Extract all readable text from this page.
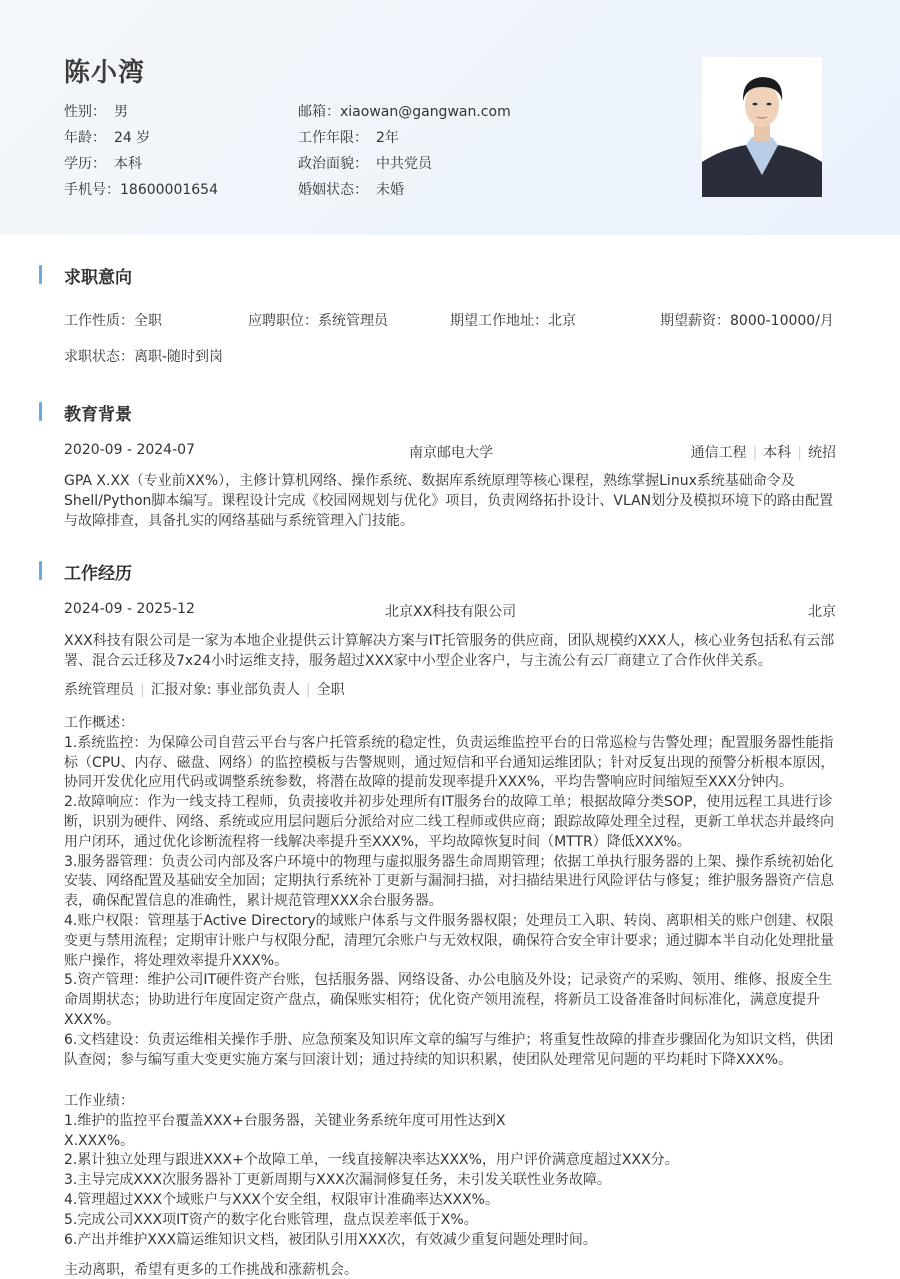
陈小湾
性别： 男
年龄： 24 岁
学历： 本科
手机号：18600001654
邮箱：xiaowan@gangwan.com
工作年限： 2年
政治面貌： 中共党员
婚姻状态： 未婚
求职意向
工作性质：全职	应聘职位：系统管理员	期望工作地址：北京	期望薪资：8000-10000/月
求职状态：离职-随时到岗
教育背景
2020-09 - 2024-07	南京邮电大学	通信工程 | 本科 | 统招
GPA X.XX（专业前XX%），主修计算机网络、操作系统、数据库系统原理等核心课程，熟练掌握Linux系统基础命令及Shell/Python脚本编写。课程设计完成《校园网规划与优化》项目，负责网络拓扑设计、VLAN划分及模拟环境下的路由配置与故障排查，具备扎实的网络基础与系统管理入门技能。
工作经历
2024-09 - 2025-12	北京XX科技有限公司	北京
XXX科技有限公司是一家为本地企业提供云计算解决方案与IT托管服务的供应商，团队规模约XXX人，核心业务包括私有云部署、混合云迁移及7x24小时运维支持，服务超过XXX家中小型企业客户，与主流公有云厂商建立了合作伙伴关系。
系统管理员 | 汇报对象: 事业部负责人 | 全职
工作概述：
1.系统监控：为保障公司自营云平台与客户托管系统的稳定性，负责运维监控平台的日常巡检与告警处理；配置服务器性能指标（CPU、内存、磁盘、网络）的监控模板与告警规则，通过短信和平台通知运维团队；针对反复出现的预警分析根本原因，协同开发优化应用代码或调整系统参数，将潜在故障的提前发现率提升XXX%，平均告警响应时间缩短至XXX分钟内。
2.故障响应：作为一线支持工程师，负责接收并初步处理所有IT服务台的故障工单；根据故障分类SOP，使用远程工具进行诊断，识别为硬件、网络、系统或应用层问题后分派给对应二线工程师或供应商；跟踪故障处理全过程，更新工单状态并最终向用户闭环，通过优化诊断流程将一线解决率提升至XXX%，平均故障恢复时间（MTTR）降低XXX%。
3.服务器管理：负责公司内部及客户环境中的物理与虚拟服务器生命周期管理；依据工单执行服务器的上架、操作系统初始化安装、网络配置及基础安全加固；定期执行系统补丁更新与漏洞扫描，对扫描结果进行风险评估与修复；维护服务器资产信息表，确保配置信息的准确性，累计规范管理XXX余台服务器。
4.账户权限：管理基于Active Directory的域账户体系与文件服务器权限；处理员工入职、转岗、离职相关的账户创建、权限变更与禁用流程；定期审计账户与权限分配，清理冗余账户与无效权限，确保符合安全审计要求；通过脚本半自动化处理批量账户操作，将处理效率提升XXX%。
5.资产管理：维护公司IT硬件资产台账，包括服务器、网络设备、办公电脑及外设；记录资产的采购、领用、维修、报废全生命周期状态；协助进行年度固定资产盘点，确保账实相符；优化资产领用流程，将新员工设备准备时间标准化，满意度提升XXX%。
6.文档建设：负责运维相关操作手册、应急预案及知识库文章的编写与维护；将重复性故障的排查步骤固化为知识文档，供团队查阅；参与编写重大变更实施方案与回滚计划；通过持续的知识积累，使团队处理常见问题的平均耗时下降XXX%。
工作业绩：
1.维护的监控平台覆盖XXX+台服务器，关键业务系统年度可用性达到X
X.XXX%。
2.累计独立处理与跟进XXX+个故障工单，一线直接解决率达XXX%，用户评价满意度超过XXX分。
3.主导完成XXX次服务器补丁更新周期与XXX次漏洞修复任务，未引发关联性业务故障。
4.管理超过XXX个域账户与XXX个安全组，权限审计准确率达XXX%。
5.完成公司XXX项IT资产的数字化台账管理，盘点误差率低于X%。
6.产出并维护XXX篇运维知识文档，被团队引用XXX次，有效减少重复问题处理时间。
主动离职，希望有更多的工作挑战和涨薪机会。
